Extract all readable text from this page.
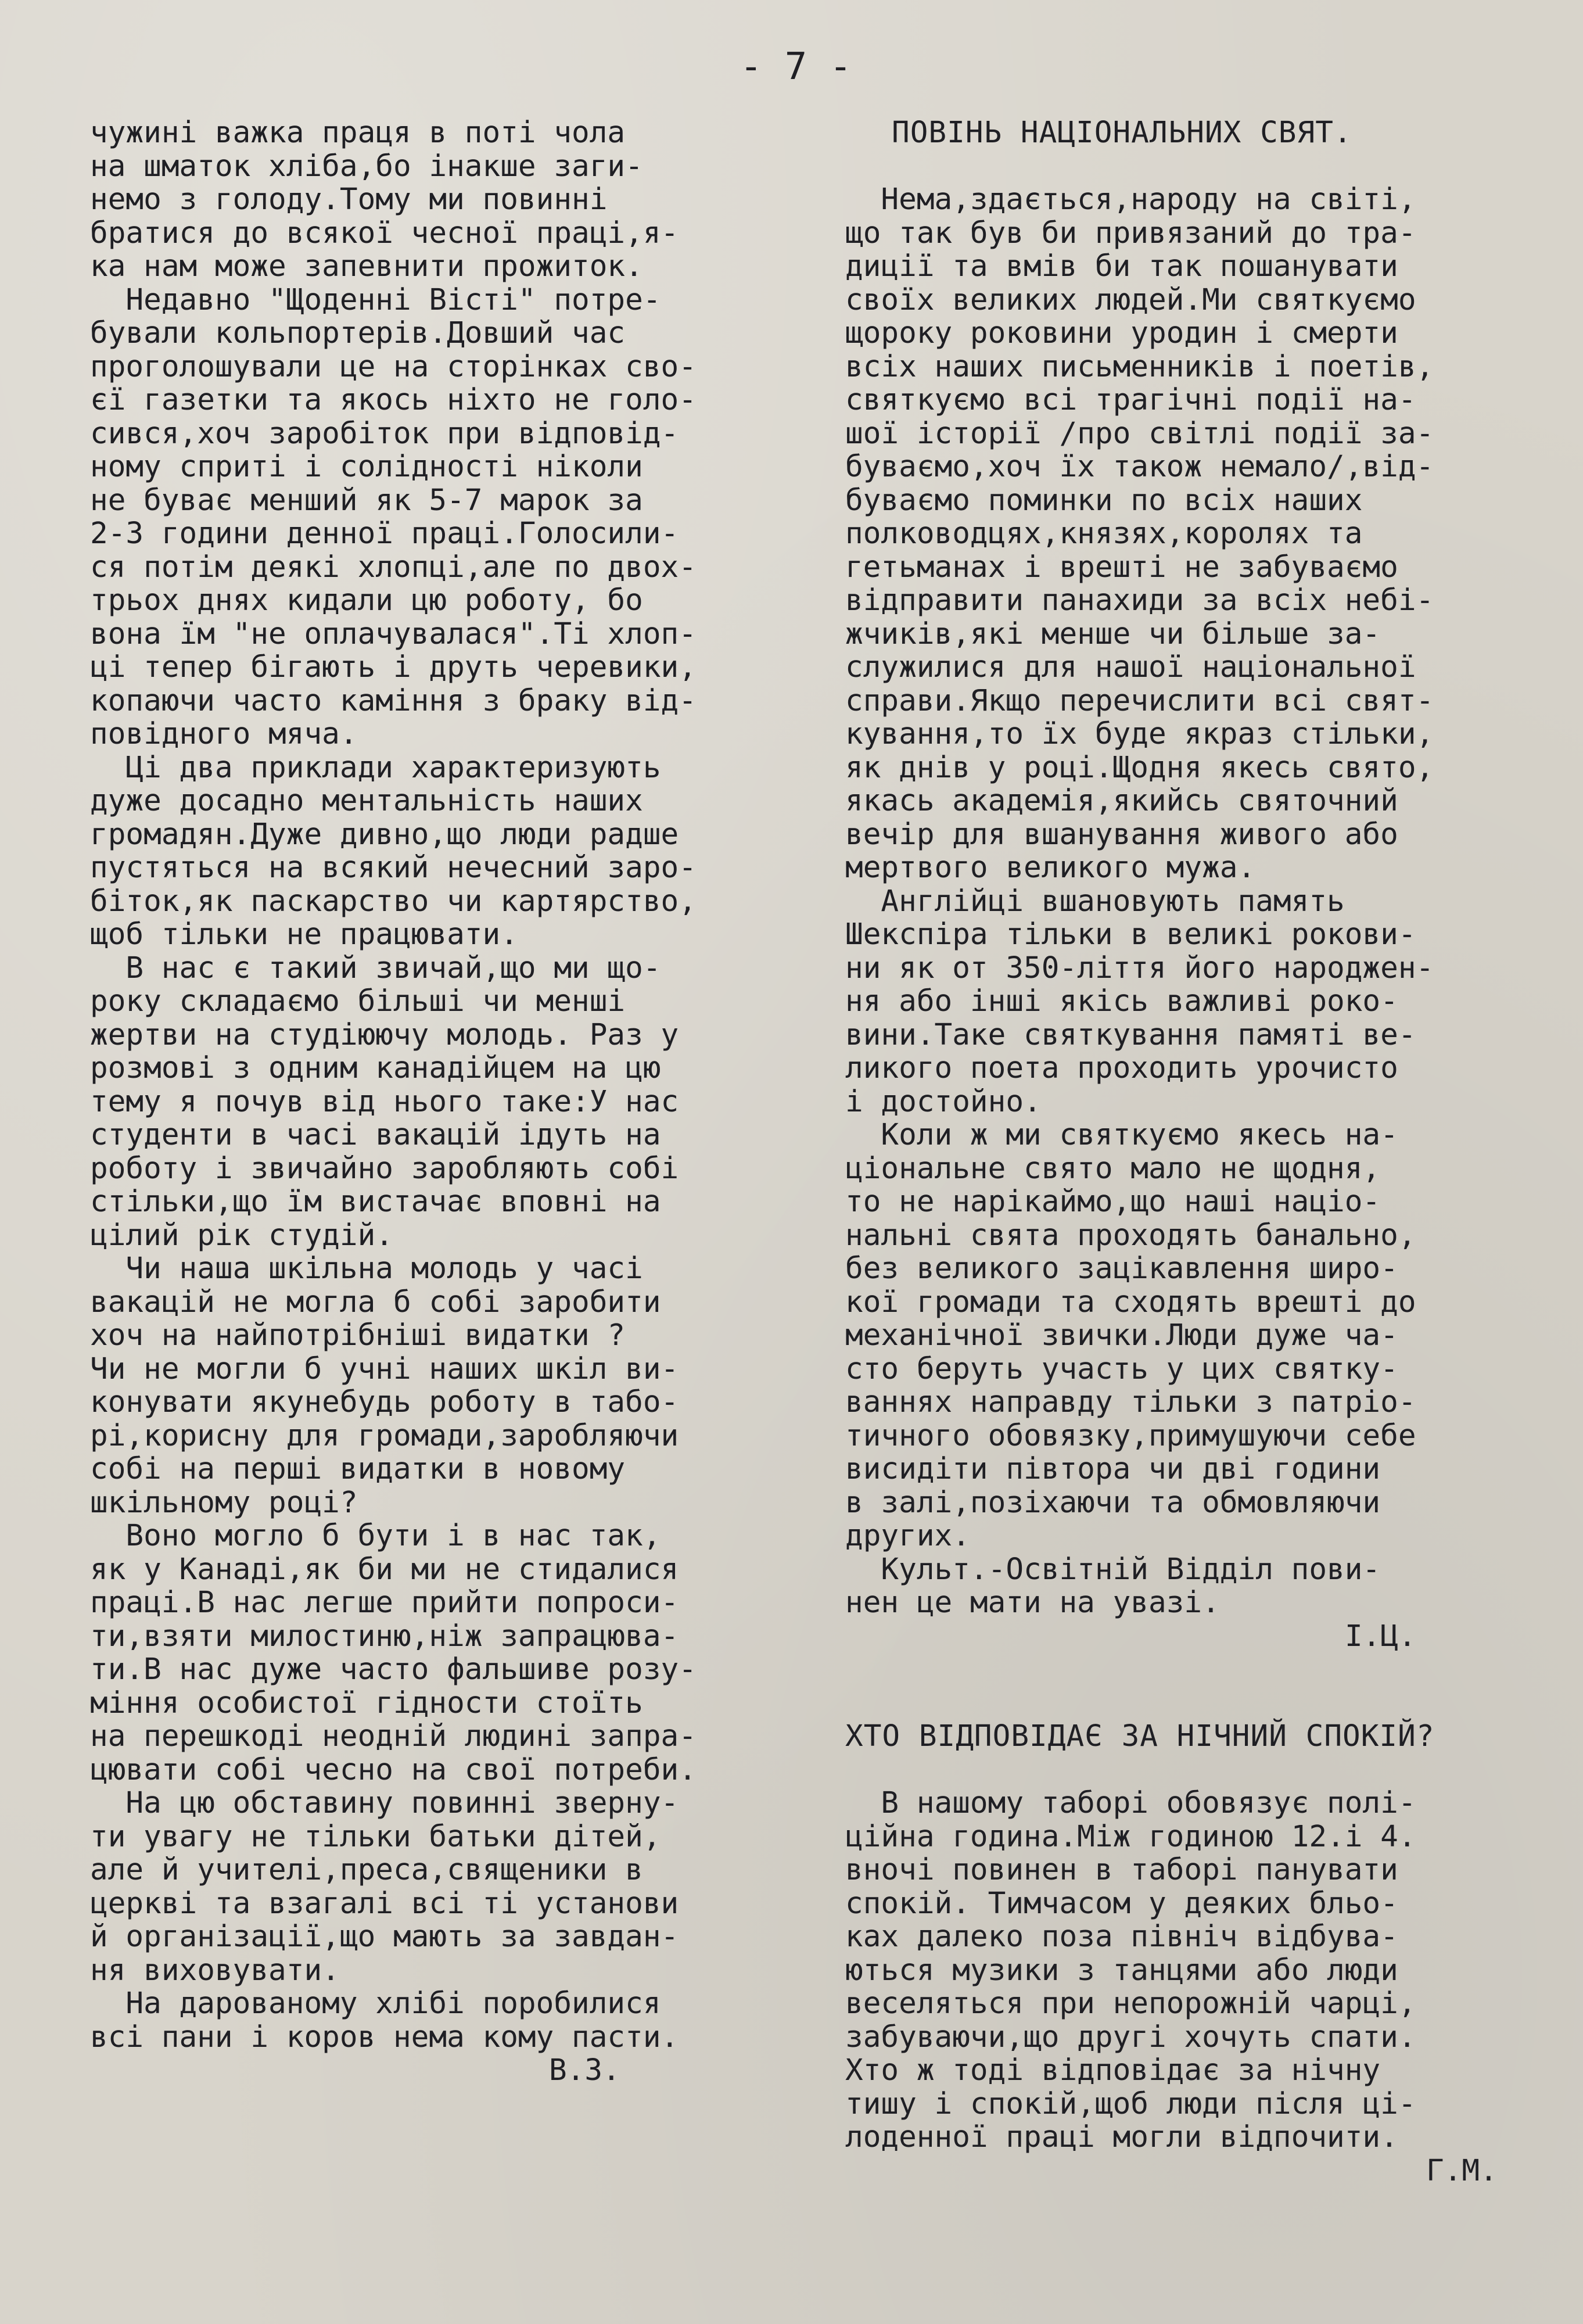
- 7 -
чужині важка праця в поті чола
на шматок хліба,бо інакше заги-
немо з голоду.Тому ми повинні
братися до всякої чесної праці,я-
ка нам може запевнити прожиток.
Недавно "Щоденні Вісті" потре-
бували кольпортерів.Довший час
проголошували це на сторінках сво-
єї газетки та якось ніхто не голо-
сився,хоч заробіток при відповід-
ному сприті і солідності ніколи
не буває менший як 5-7 марок за
2-3 години денної праці.Голосили-
ся потім деякі хлопці,але по двох-
трьох днях кидали цю роботу, бо
вона їм "не оплачувалася".Ті хлоп-
ці тепер бігають і друть черевики,
копаючи часто каміння з браку від-
повідного мяча.
Ці два приклади характеризують
дуже досадно ментальність наших
громадян.Дуже дивно,що люди радше
пустяться на всякий нечесний заро-
біток,як паскарство чи картярство,
щоб тільки не працювати.
В нас є такий звичай,що ми що-
року складаємо більші чи менші
жертви на студіюючу молодь. Раз у
розмові з одним канадійцем на цю
тему я почув від нього таке:У нас
студенти в часі вакацій ідуть на
роботу і звичайно заробляють собі
стільки,що їм вистачає вповні на
цілий рік студій.
Чи наша шкільна молодь у часі
вакацій не могла б собі заробити
хоч на найпотрібніші видатки ?
Чи не могли б учні наших шкіл ви-
конувати якунебудь роботу в табо-
рі,корисну для громади,заробляючи
собі на перші видатки в новому
шкільному році?
Воно могло б бути і в нас так,
як у Канаді,як би ми не стидалися
праці.В нас легше прийти попроси-
ти,взяти милостиню,ніж запрацюва-
ти.В нас дуже часто фальшиве розу-
міння особистої гідности стоїть
на перешкоді неодній людині запра-
цювати собі чесно на свої потреби.
На цю обставину повинні зверну-
ти увагу не тільки батьки дітей,
але й учителі,преса,священики в
церкві та взагалі всі ті установи
й організації,що мають за завдан-
ня виховувати.
На дарованому хлібі поробилися
всі пани і коров нема кому пасти.
В.З.
ПОВІНЬ НАЦІОНАЛЬНИХ СВЯТ.
Нема,здається,народу на світі,
що так був би привязаний до тра-
диції та вмів би так пошанувати
своїх великих людей.Ми святкуємо
щороку роковини уродин і смерти
всіх наших письменників і поетів,
святкуємо всі трагічні події на-
шої історії /про світлі події за-
буваємо,хоч їх також немало/,від-
буваємо поминки по всіх наших
полководцях,князях,королях та
гетьманах і врешті не забуваємо
відправити панахиди за всіх небі-
жчиків,які менше чи більше за-
служилися для нашої національної
справи.Якщо перечислити всі свят-
кування,то їх буде якраз стільки,
як днів у році.Щодня якесь свято,
якась академія,якийсь святочний
вечір для вшанування живого або
мертвого великого мужа.
Англійці вшановують память
Шекспіра тільки в великі рокови-
ни як от 350-ліття його народжен-
ня або інші якісь важливі роко-
вини.Таке святкування памяті ве-
ликого поета проходить урочисто
і достойно.
Коли ж ми святкуємо якесь на-
ціональне свято мало не щодня,
то не нарікаймо,що наші націо-
нальні свята проходять банально,
без великого зацікавлення широ-
кої громади та сходять врешті до
механічної звички.Люди дуже ча-
сто беруть участь у цих святку-
ваннях направду тільки з патріо-
тичного обовязку,примушуючи себе
висидіти півтора чи дві години
в залі,позіхаючи та обмовляючи
других.
Культ.-Освітній Відділ пови-
нен це мати на увазі.
І.Ц.
ХТО ВІДПОВІДАЄ ЗА НІЧНИЙ СПОКІЙ?
В нашому таборі обовязує полі-
ційна година.Між годиною 12.і 4.
вночі повинен в таборі панувати
спокій. Тимчасом у деяких бльо-
ках далеко поза північ відбува-
ються музики з танцями або люди
веселяться при непорожній чарці,
забуваючи,що другі хочуть спати.
Хто ж тоді відповідає за нічну
тишу і спокій,щоб люди після ці-
лоденної праці могли відпочити.
Г.М.
